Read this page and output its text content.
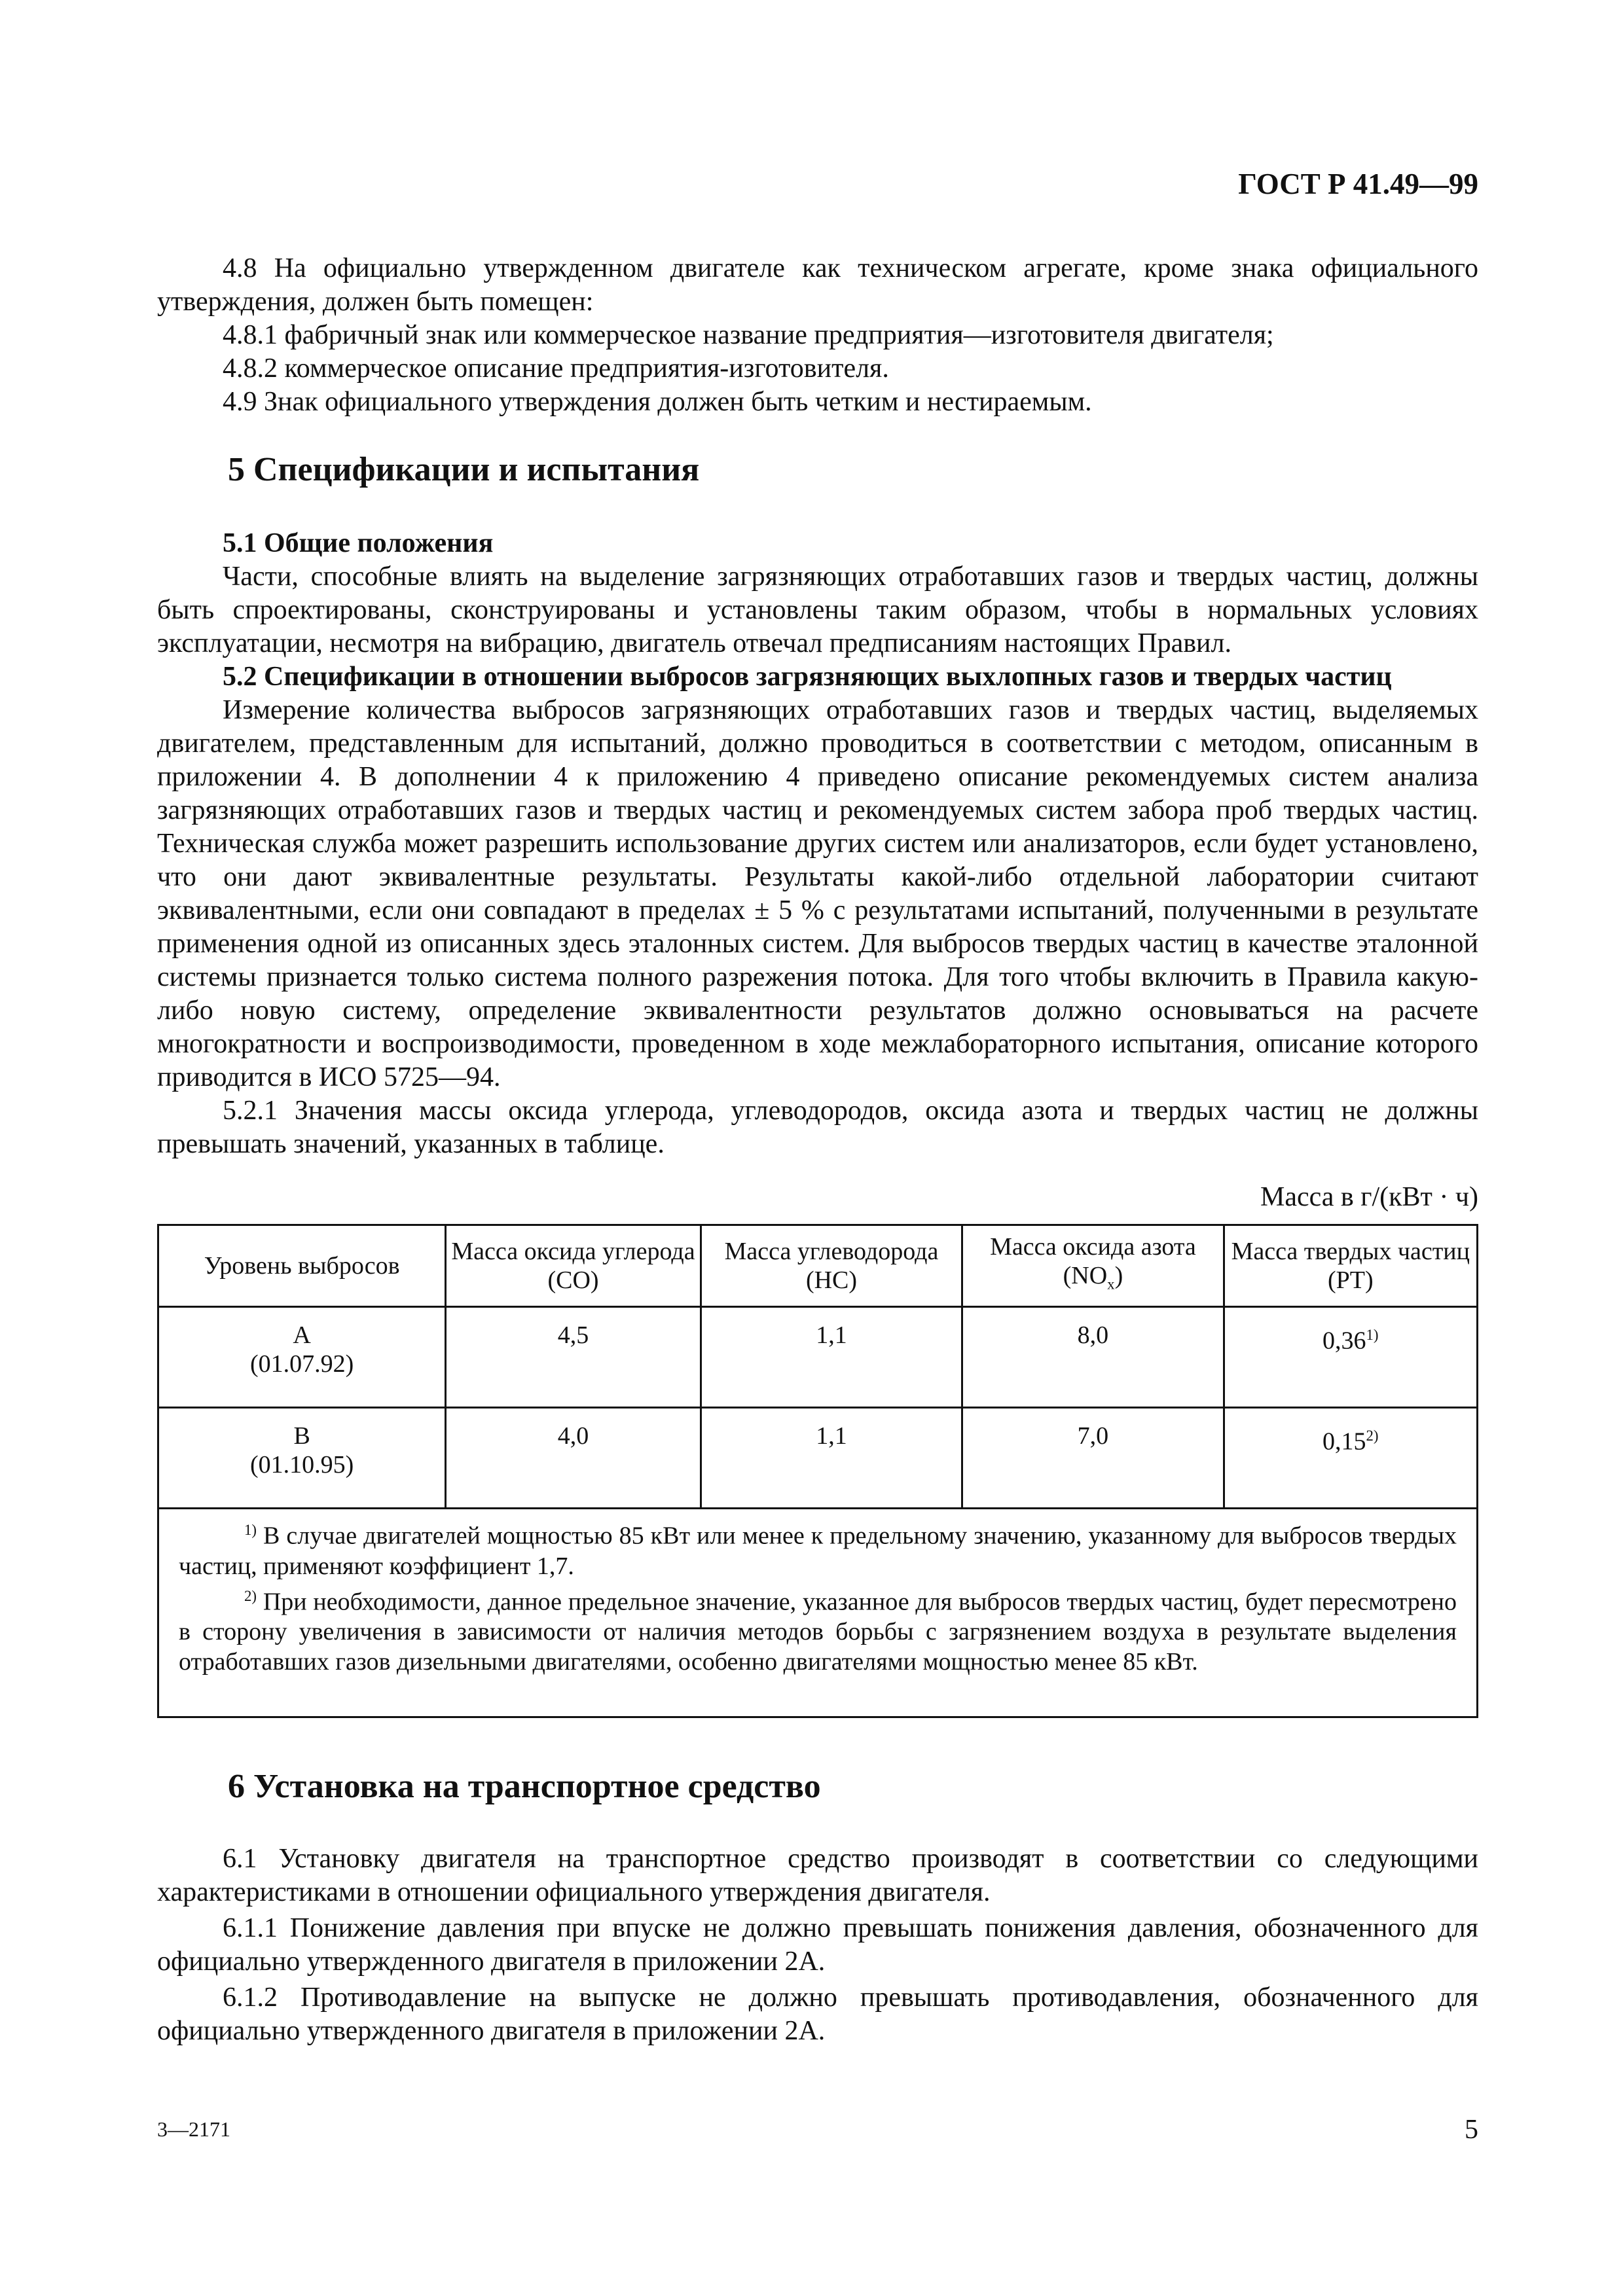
ГОСТ Р 41.49—99

4.8 На официально утвержденном двигателе как техническом агрегате, кроме знака официального утверждения, должен быть помещен:

4.8.1 фабричный знак или коммерческое название предприятия—изготовителя двигателя;

4.8.2 коммерческое описание предприятия-изготовителя.

4.9 Знак официального утверждения должен быть четким и нестираемым.

5 Спецификации и испытания

5.1 Общие положения

Части, способные влиять на выделение загрязняющих отработавших газов и твердых частиц, должны быть спроектированы, сконструированы и установлены таким образом, чтобы в нормальных условиях эксплуатации, несмотря на вибрацию, двигатель отвечал предписаниям настоящих Правил.

5.2 Спецификации в отношении выбросов загрязняющих выхлопных газов и твердых частиц

Измерение количества выбросов загрязняющих отработавших газов и твердых частиц, выделяемых двигателем, представленным для испытаний, должно проводиться в соответствии с методом, описанным в приложении 4. В дополнении 4 к приложению 4 приведено описание рекомендуемых систем анализа загрязняющих отработавших газов и твердых частиц и рекомендуемых систем забора проб твердых частиц. Техническая служба может разрешить использование других систем или анализаторов, если будет установлено, что они дают эквивалентные результаты. Результаты какой-либо отдельной лаборатории считают эквивалентными, если они совпадают в пределах ± 5 % с результатами испытаний, полученными в результате применения одной из описанных здесь эталонных систем. Для выбросов твердых частиц в качестве эталонной системы признается только система полного разрежения потока. Для того чтобы включить в Правила какую-либо новую систему, определение эквивалентности результатов должно основываться на расчете многократности и воспроизводимости, проведенном в ходе межлабораторного испытания, описание которого приводится в ИСО 5725—94.

5.2.1 Значения массы оксида углерода, углеводородов, оксида азота и твердых частиц не должны превышать значений, указанных в таблице.

Масса в г/(кВт · ч)
Уровень выбросов	Масса оксида углерода (CO)	Масса углеводорода (HC)	Масса оксида азота $(NO_x)$	Масса твердых частиц (PT)
A
(01.07.92)	4,5	1,1	8,0	0,36$^{1)}$
B
(01.10.95)	4,0	1,1	7,0	0,15$^{2)}$

$^{1)}$ В случае двигателей мощностью 85 кВт или менее к предельному значению, указанному для выбросов твердых частиц, применяют коэффициент 1,7.

$^{2)}$ При необходимости, данное предельное значение, указанное для выбросов твердых частиц, будет пересмотрено в сторону увеличения в зависимости от наличия методов борьбы с загрязнением воздуха в результате выделения отработавших газов дизельными двигателями, особенно двигателями мощностью менее 85 кВт.

6 Установка на транспортное средство

6.1 Установку двигателя на транспортное средство производят в соответствии со следующими характеристиками в отношении официального утверждения двигателя.

6.1.1 Понижение давления при впуске не должно превышать понижения давления, обозначенного для официально утвержденного двигателя в приложении 2А.

6.1.2 Противодавление на выпуске не должно превышать противодавления, обозначенного для официально утвержденного двигателя в приложении 2А.

3—2171	5
